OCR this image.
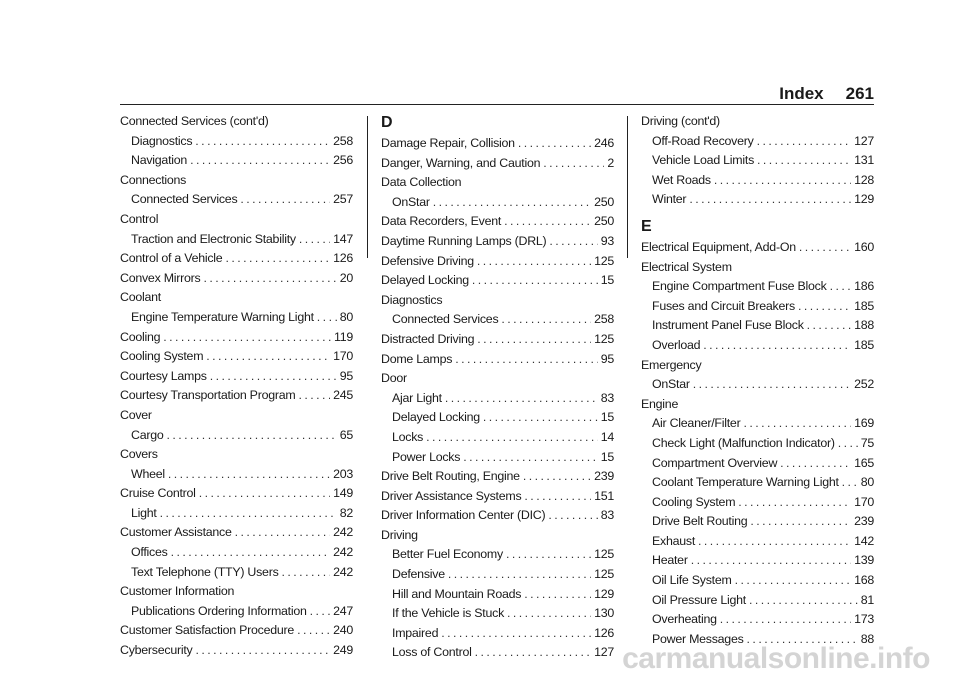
Index 261
Connected Services (cont'd)
Diagnostics . . .	258
Navigation . . .	256
Connections
Connected Services . . .	257
Control
Traction and Electronic Stability . . .	147
Control of a Vehicle . . .	126
Convex Mirrors . . .	20
Coolant
Engine Temperature Warning Light . . . 80
Cooling . . .	119
Cooling System . . .	170
Courtesy Lamps . . .	95
Courtesy Transportation Program . . .	245
Cover
Cargo . . .	65
Covers
Wheel . . .	203
Cruise Control . . .	149
Light . . .	82
Customer Assistance . . .	242
Offices . . .	242
Text Telephone (TTY) Users . . .	242
Customer Information
Publications Ordering Information . . . 247
Customer Satisfaction Procedure . . .	240
Cybersecurity . . .	249
D
Damage Repair, Collision . . .	246
Danger, Warning, and Caution . . .	2
Data Collection
OnStar . . .	250
Data Recorders, Event . . .	250
Daytime Running Lamps (DRL) . . .	93
Defensive Driving . . .	125
Delayed Locking . . .	15
Diagnostics
Connected Services . . .	258
Distracted Driving . . .	125
Dome Lamps . . .	95
Door
Ajar Light . . .	83
Delayed Locking . . .	15
Locks . . .	14
Power Locks . . .	15
Drive Belt Routing, Engine . . .	239
Driver Assistance Systems . . .	151
Driver Information Center (DIC) . . .	83
Driving
Better Fuel Economy . . .	125
Defensive . . .	125
Hill and Mountain Roads . . .	129
If the Vehicle is Stuck . . .	130
Impaired . . .	126
Loss of Control . . .	127
Driving (cont'd)
Off-Road Recovery . . .	127
Vehicle Load Limits . . .	131
Wet Roads . . .	128
Winter . . .	129
E
Electrical Equipment, Add-On . . .	160
Electrical System
Engine Compartment Fuse Block . . . 186
Fuses and Circuit Breakers . . .	185
Instrument Panel Fuse Block . . .	188
Overload . . .	185
Emergency
OnStar . . .	252
Engine
Air Cleaner/Filter . . .	169
Check Light (Malfunction Indicator) . . . 75
Compartment Overview . . .	165
Coolant Temperature Warning Light . . . 80
Cooling System . . .	170
Drive Belt Routing . . .	239
Exhaust . . .	142
Heater . . .	139
Oil Life System . . .	168
Oil Pressure Light . . .	81
Overheating . . .	173
Power Messages . . .	88
carmanualsonline.info
